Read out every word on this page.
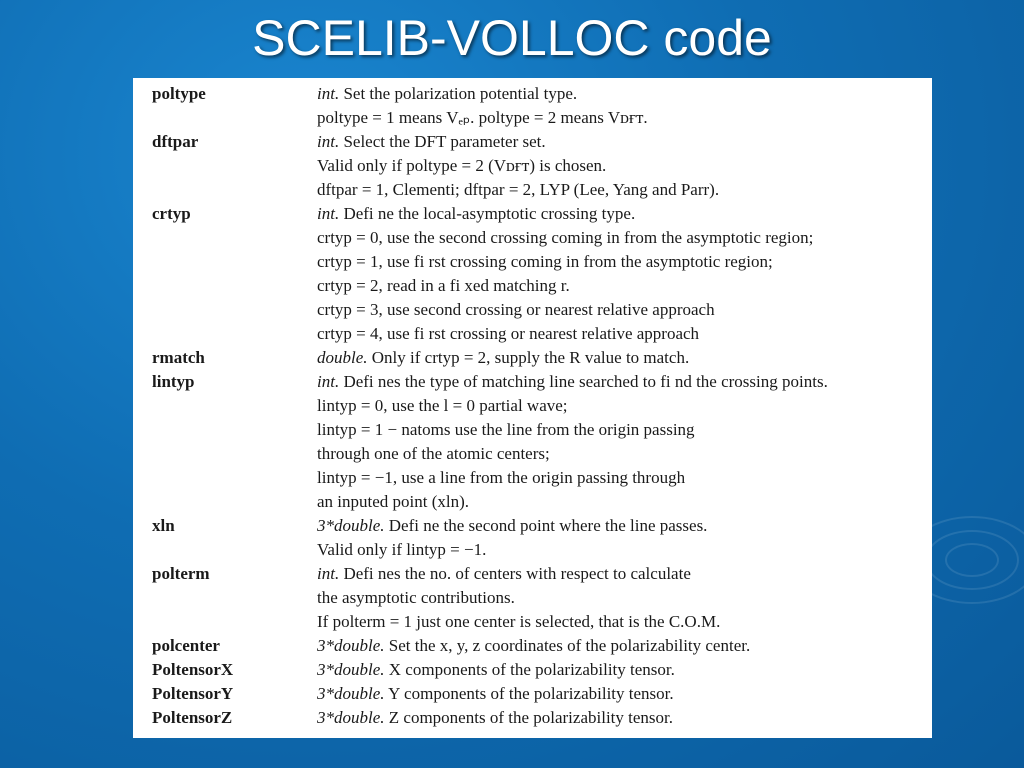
SCELIB-VOLLOC code
poltype	int. Set the polarization potential type.
poltype = 1 means Vₑₚ. poltype = 2 means Vᴅғᴛ.
dftpar	int. Select the DFT parameter set.
Valid only if poltype = 2 (Vᴅғᴛ) is chosen.
dftpar = 1, Clementi; dftpar = 2, LYP (Lee, Yang and Parr).
crtyp	int. Defi ne the local-asymptotic crossing type.
crtyp = 0, use the second crossing coming in from the asymptotic region;
crtyp = 1, use fi rst crossing coming in from the asymptotic region;
crtyp = 2, read in a fi xed matching r.
crtyp = 3, use second crossing or nearest relative approach
crtyp = 4, use fi rst crossing or nearest relative approach
rmatch	double. Only if crtyp = 2, supply the R value to match.
lintyp	int. Defi nes the type of matching line searched to fi nd the crossing points.
lintyp = 0, use the l = 0 partial wave;
lintyp = 1 − natoms use the line from the origin passing
through one of the atomic centers;
lintyp = −1, use a line from the origin passing through
an inputed point (xln).
xln	3*double. Defi ne the second point where the line passes.
Valid only if lintyp = −1.
polterm	int. Defi nes the no. of centers with respect to calculate
the asymptotic contributions.
If polterm = 1 just one center is selected, that is the C.O.M.
polcenter	3*double. Set the x, y, z coordinates of the polarizability center.
PoltensorX	3*double. X components of the polarizability tensor.
PoltensorY	3*double. Y components of the polarizability tensor.
PoltensorZ	3*double. Z components of the polarizability tensor.
